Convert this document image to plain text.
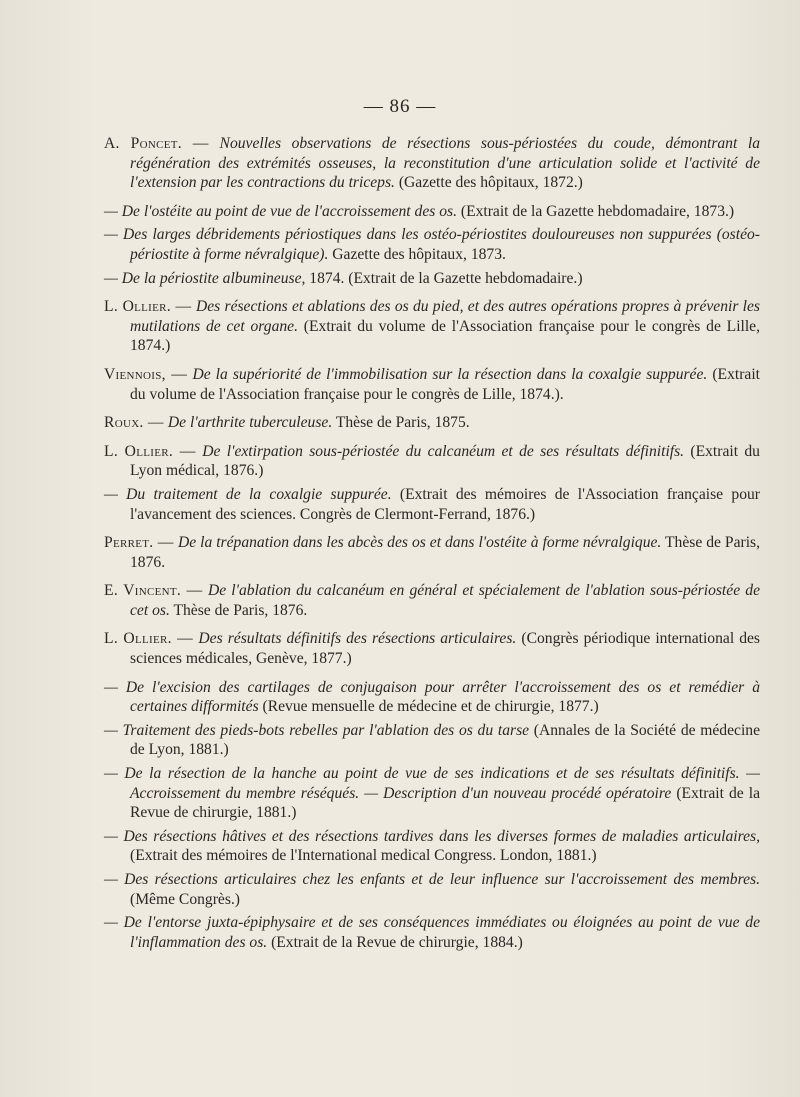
— 86 —

A. Poncet. — Nouvelles observations de résections sous-périostées du coude, démontrant la régénération des extrémités osseuses, la reconstitution d'une articulation solide et l'activité de l'extension par les contractions du triceps. (Gazette des hôpitaux, 1872.)

— De l'ostéite au point de vue de l'accroissement des os. (Extrait de la Gazette hebdomadaire, 1873.)

— Des larges débridements périostiques dans les ostéo-périostites douloureuses non suppurées (ostéo-périostite à forme névralgique). Gazette des hôpitaux, 1873.

— De la périostite albumineuse, 1874. (Extrait de la Gazette hebdomadaire.)

L. Ollier. — Des résections et ablations des os du pied, et des autres opérations propres à prévenir les mutilations de cet organe. (Extrait du volume de l'Association française pour le congrès de Lille, 1874.)

Viennois, — De la supériorité de l'immobilisation sur la résection dans la coxalgie suppurée. (Extrait du volume de l'Association française pour le congrès de Lille, 1874.).

Roux. — De l'arthrite tuberculeuse. Thèse de Paris, 1875.

L. Ollier. — De l'extirpation sous-périostée du calcanéum et de ses résultats définitifs. (Extrait du Lyon médical, 1876.)

— Du traitement de la coxalgie suppurée. (Extrait des mémoires de l'Association française pour l'avancement des sciences. Congrès de Clermont-Ferrand, 1876.)

Perret. — De la trépanation dans les abcès des os et dans l'ostéite à forme névralgique. Thèse de Paris, 1876.

E. Vincent. — De l'ablation du calcanéum en général et spécialement de l'ablation sous-périostée de cet os. Thèse de Paris, 1876.

L. Ollier. — Des résultats définitifs des résections articulaires. (Congrès périodique international des sciences médicales, Genève, 1877.)

— De l'excision des cartilages de conjugaison pour arrêter l'accroissement des os et remédier à certaines difformités (Revue mensuelle de médecine et de chirurgie, 1877.)

— Traitement des pieds-bots rebelles par l'ablation des os du tarse (Annales de la Société de médecine de Lyon, 1881.)

— De la résection de la hanche au point de vue de ses indications et de ses résultats définitifs. — Accroissement du membre réséqués. — Description d'un nouveau procédé opératoire (Extrait de la Revue de chirurgie, 1881.)

— Des résections hâtives et des résections tardives dans les diverses formes de maladies articulaires, (Extrait des mémoires de l'International medical Congress. London, 1881.)

— Des résections articulaires chez les enfants et de leur influence sur l'accroissement des membres. (Même Congrès.)

— De l'entorse juxta-épiphysaire et de ses conséquences immédiates ou éloignées au point de vue de l'inflammation des os. (Extrait de la Revue de chirurgie, 1884.)
